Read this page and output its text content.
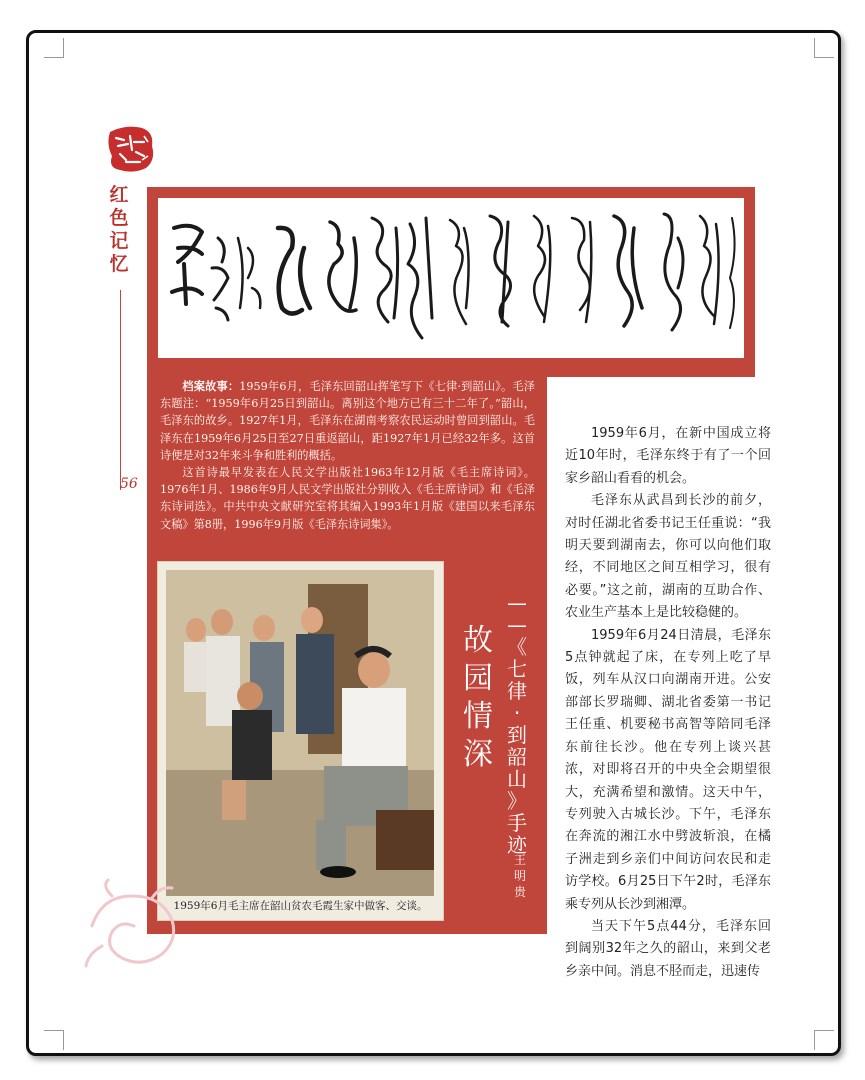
红
色
记
忆
56

档案故事：1959年6月，毛泽东回韶山挥笔写下《七律·到韶山》。毛泽东题注：“1959年6月25日到韶山。离别这个地方已有三十二年了。”韶山，毛泽东的故乡。1927年1月，毛泽东在湖南考察农民运动时曾回到韶山。毛泽东在1959年6月25日至27日重返韶山，距1927年1月已经32年多。这首诗便是对32年来斗争和胜利的概括。

这首诗最早发表在人民文学出版社1963年12月版《毛主席诗词》。1976年1月、1986年9月人民文学出版社分别收入《毛主席诗词》和《毛泽东诗词选》。中共中央文献研究室将其编入1993年1月版《建国以来毛泽东文稿》第8册，1996年9月版《毛泽东诗词集》。

1959年6月毛主席在韶山贫农毛霞生家中做客、交谈。
故
园
情
深
—
—
《
七
律
·
到
韶
山
》
手
迹
王
明
贵

1959年6月，在新中国成立将近10年时，毛泽东终于有了一个回家乡韶山看看的机会。

毛泽东从武昌到长沙的前夕，对时任湖北省委书记王任重说：“我明天要到湖南去，你可以向他们取经，不同地区之间互相学习，很有必要。”这之前，湖南的互助合作、农业生产基本上是比较稳健的。

1959年6月24日清晨，毛泽东5点钟就起了床，在专列上吃了早饭，列车从汉口向湖南开进。公安部部长罗瑞卿、湖北省委第一书记王任重、机要秘书高智等陪同毛泽东前往长沙。他在专列上谈兴甚浓，对即将召开的中央全会期望很大，充满希望和激情。这天中午，专列驶入古城长沙。下午，毛泽东在奔流的湘江水中劈波斩浪，在橘子洲走到乡亲们中间访问农民和走访学校。6月25日下午2时，毛泽东乘专列从长沙到湘潭。

当天下午5点44分，毛泽东回到阔别32年之久的韶山，来到父老乡亲中间。消息不胫而走，迅速传
